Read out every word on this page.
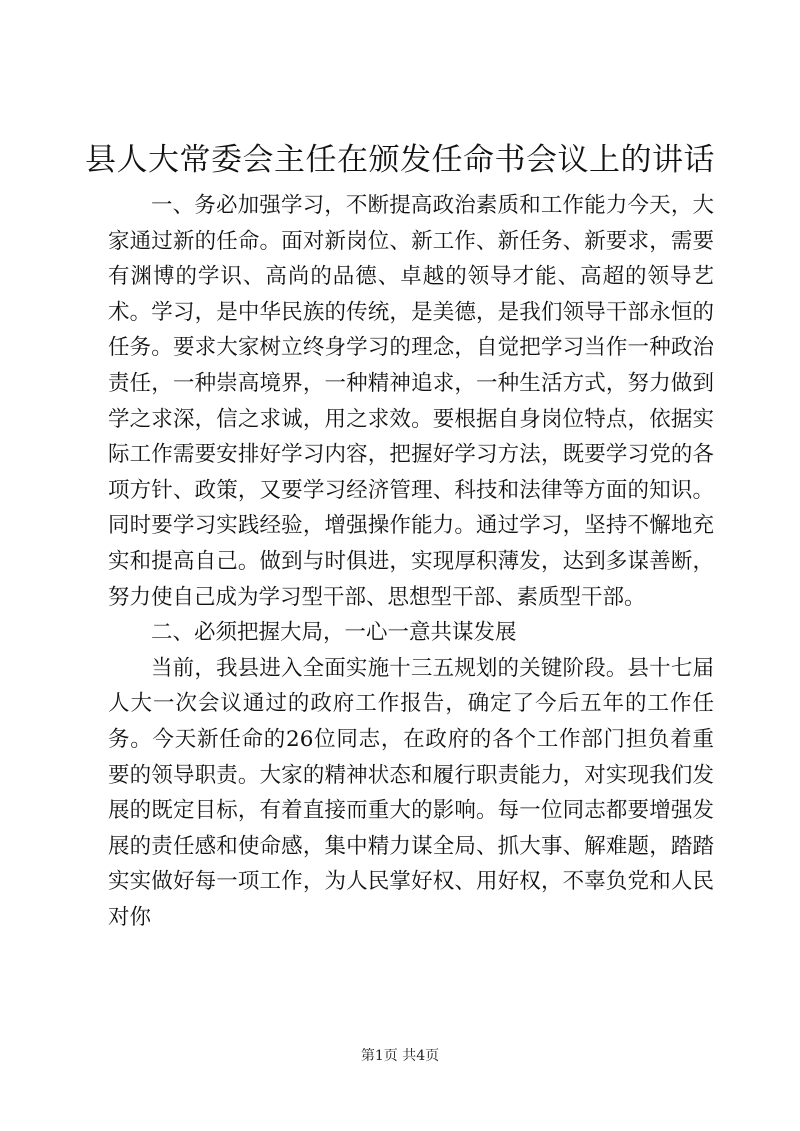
县人大常委会主任在颁发任命书会议上的讲话

一、务必加强学习，不断提高政治素质和工作能力今天，大家通过新的任命。面对新岗位、新工作、新任务、新要求，需要有渊博的学识、高尚的品德、卓越的领导才能、高超的领导艺术。学习，是中华民族的传统，是美德，是我们领导干部永恒的任务。要求大家树立终身学习的理念，自觉把学习当作一种政治责任，一种崇高境界，一种精神追求，一种生活方式，努力做到学之求深，信之求诚，用之求效。要根据自身岗位特点，依据实际工作需要安排好学习内容，把握好学习方法，既要学习党的各项方针、政策，又要学习经济管理、科技和法律等方面的知识。同时要学习实践经验，增强操作能力。通过学习，坚持不懈地充实和提高自己。做到与时俱进，实现厚积薄发，达到多谋善断，努力使自己成为学习型干部、思想型干部、素质型干部。

二、必须把握大局，一心一意共谋发展

当前，我县进入全面实施十三五规划的关键阶段。县十七届人大一次会议通过的政府工作报告，确定了今后五年的工作任务。今天新任命的26位同志，在政府的各个工作部门担负着重要的领导职责。大家的精神状态和履行职责能力，对实现我们发展的既定目标，有着直接而重大的影响。每一位同志都要增强发展的责任感和使命感，集中精力谋全局、抓大事、解难题，踏踏实实做好每一项工作，为人民掌好权、用好权，不辜负党和人民对你

第1页 共4页
